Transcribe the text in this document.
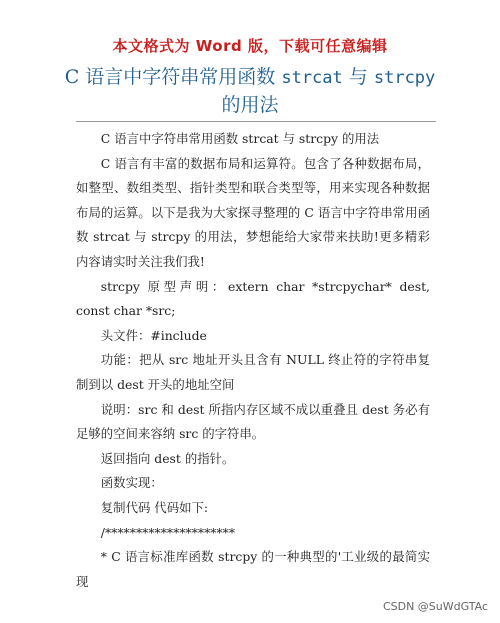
本文格式为 Word 版，下载可任意编辑
C 语言中字符串常用函数 strcat 与 strcpy
的用法

C 语言中字符串常用函数 strcat 与 strcpy 的用法

C 语言有丰富的数据布局和运算符。包含了各种数据布局，如整型、数组类型、指针类型和联合类型等，用来实现各种数据布局的运算。以下是我为大家探寻整理的 C 语言中字符串常用函数 strcat 与 strcpy 的用法，梦想能给大家带来扶助!更多精彩内容请实时关注我们我!

strcpy 原型声明：extern char *strcpychar* dest, const char *src;

头文件：#include

功能：把从 src 地址开头且含有 NULL 终止符的字符串复制到以 dest 开头的地址空间

说明：src 和 dest 所指内存区域不成以重叠且 dest 务必有足够的空间来容纳 src 的字符串。

返回指向 dest 的指针。

函数实现：

复制代码 代码如下:

/*********************

* C 语言标准库函数 strcpy 的一种典型的'工业级的最简实现

CSDN @SuWdGTAc
